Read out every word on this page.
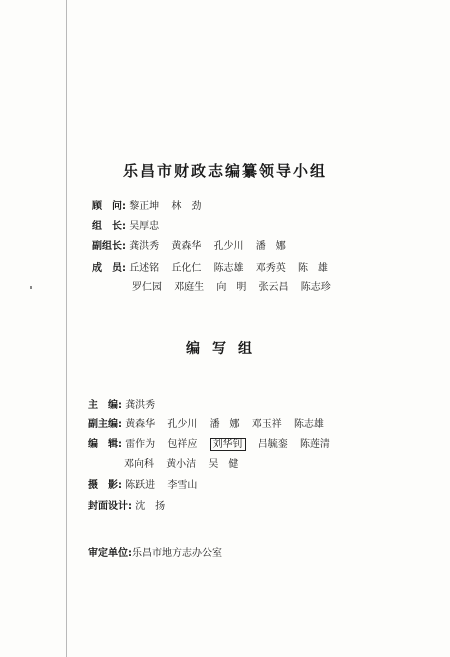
乐昌市财政志编纂领导小组
顾　问: 黎正坤 林　劲
组　长: 吴厚忠
副组长: 龚洪秀 黄森华 孔少川 潘　娜
成　员: 丘述铭 丘化仁 陈志雄 邓秀英 陈　雄
罗仁园 邓庭生 向　明 张云昌 陈志珍
编写组
主　编: 龚洪秀
副主编: 黄森华 孔少川 潘　娜 邓玉祥 陈志雄
编　辑: 雷作为 包祥应 刘华钊 吕毓銮 陈莲清
邓向科 黄小洁 吴　健
摄　影: 陈跃进 李雪山
封面设计: 沈　扬
审定单位:乐昌市地方志办公室
